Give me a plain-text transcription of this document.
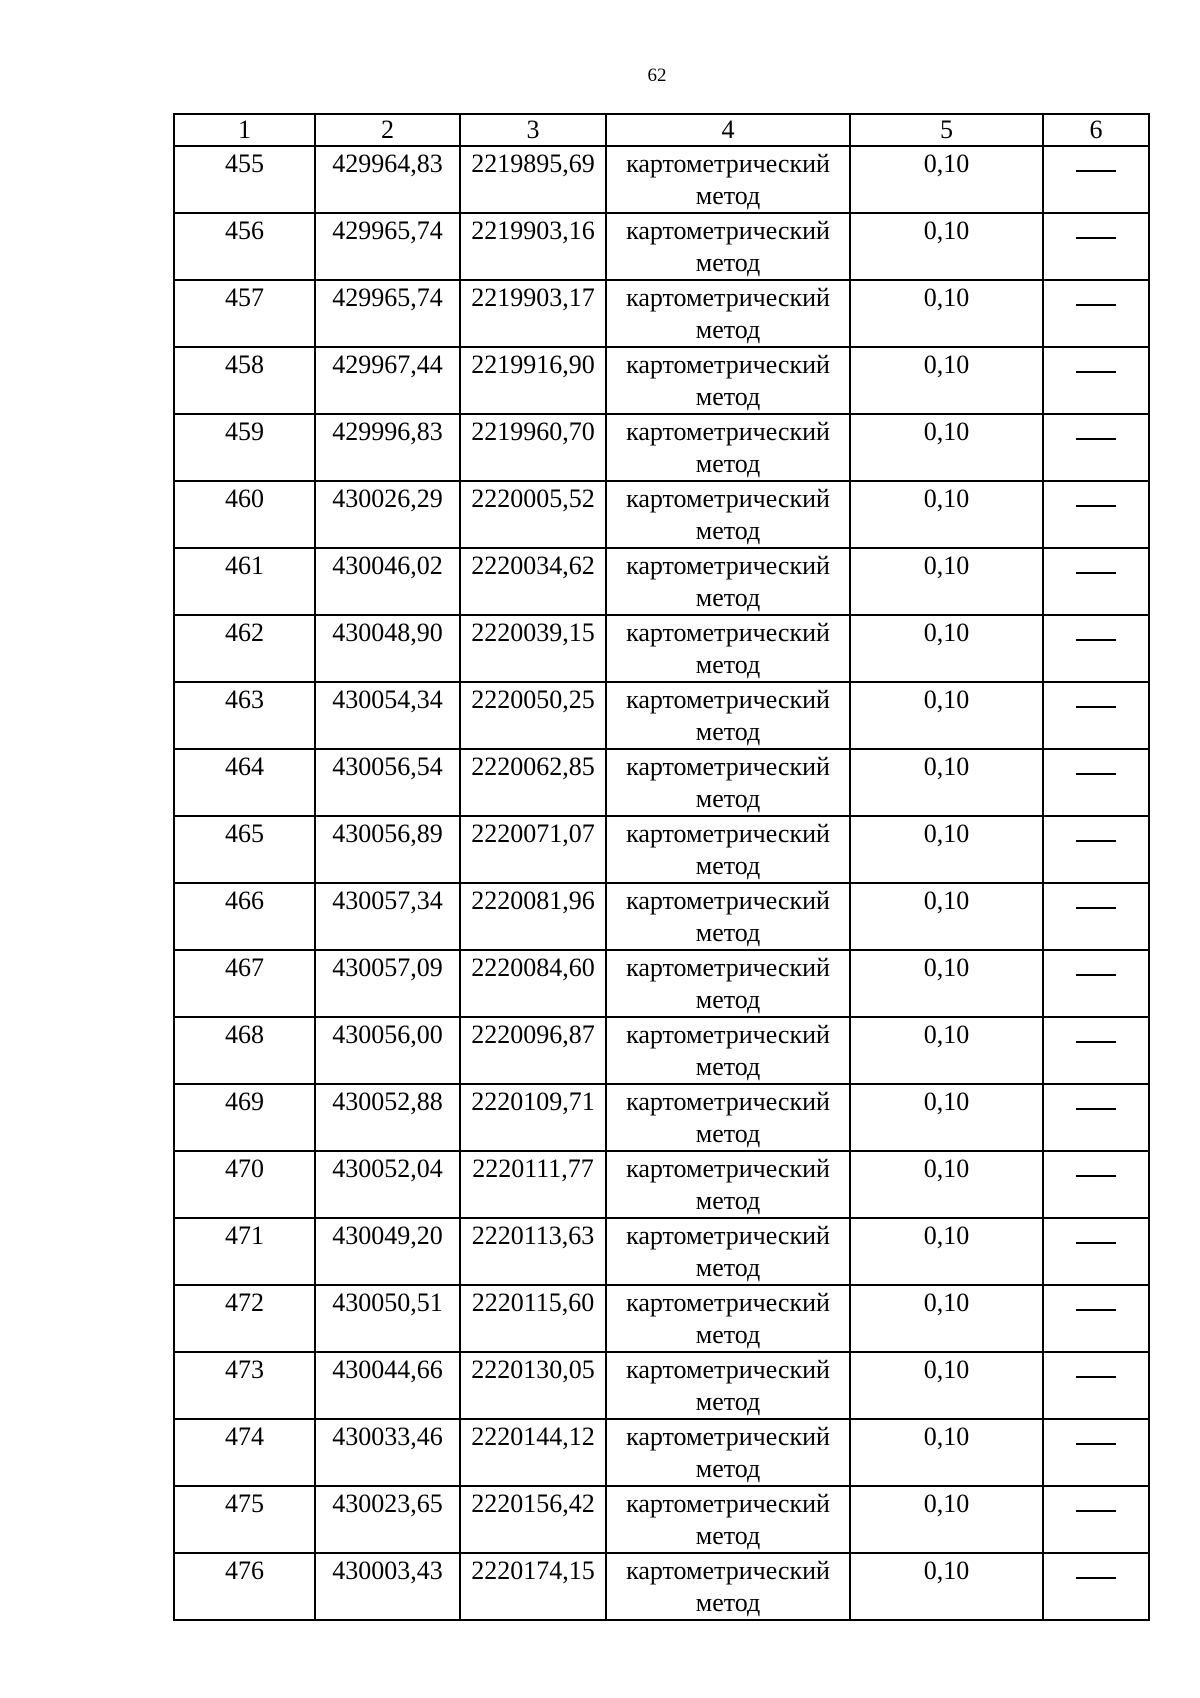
62
1	2	3	4	5	6
455	429964,83	2219895,69	картометрический
метод	0,10	
456	429965,74	2219903,16	картометрический
метод	0,10	
457	429965,74	2219903,17	картометрический
метод	0,10	
458	429967,44	2219916,90	картометрический
метод	0,10	
459	429996,83	2219960,70	картометрический
метод	0,10	
460	430026,29	2220005,52	картометрический
метод	0,10	
461	430046,02	2220034,62	картометрический
метод	0,10	
462	430048,90	2220039,15	картометрический
метод	0,10	
463	430054,34	2220050,25	картометрический
метод	0,10	
464	430056,54	2220062,85	картометрический
метод	0,10	
465	430056,89	2220071,07	картометрический
метод	0,10	
466	430057,34	2220081,96	картометрический
метод	0,10	
467	430057,09	2220084,60	картометрический
метод	0,10	
468	430056,00	2220096,87	картометрический
метод	0,10	
469	430052,88	2220109,71	картометрический
метод	0,10	
470	430052,04	2220111,77	картометрический
метод	0,10	
471	430049,20	2220113,63	картометрический
метод	0,10	
472	430050,51	2220115,60	картометрический
метод	0,10	
473	430044,66	2220130,05	картометрический
метод	0,10	
474	430033,46	2220144,12	картометрический
метод	0,10	
475	430023,65	2220156,42	картометрический
метод	0,10	
476	430003,43	2220174,15	картометрический
метод	0,10	
